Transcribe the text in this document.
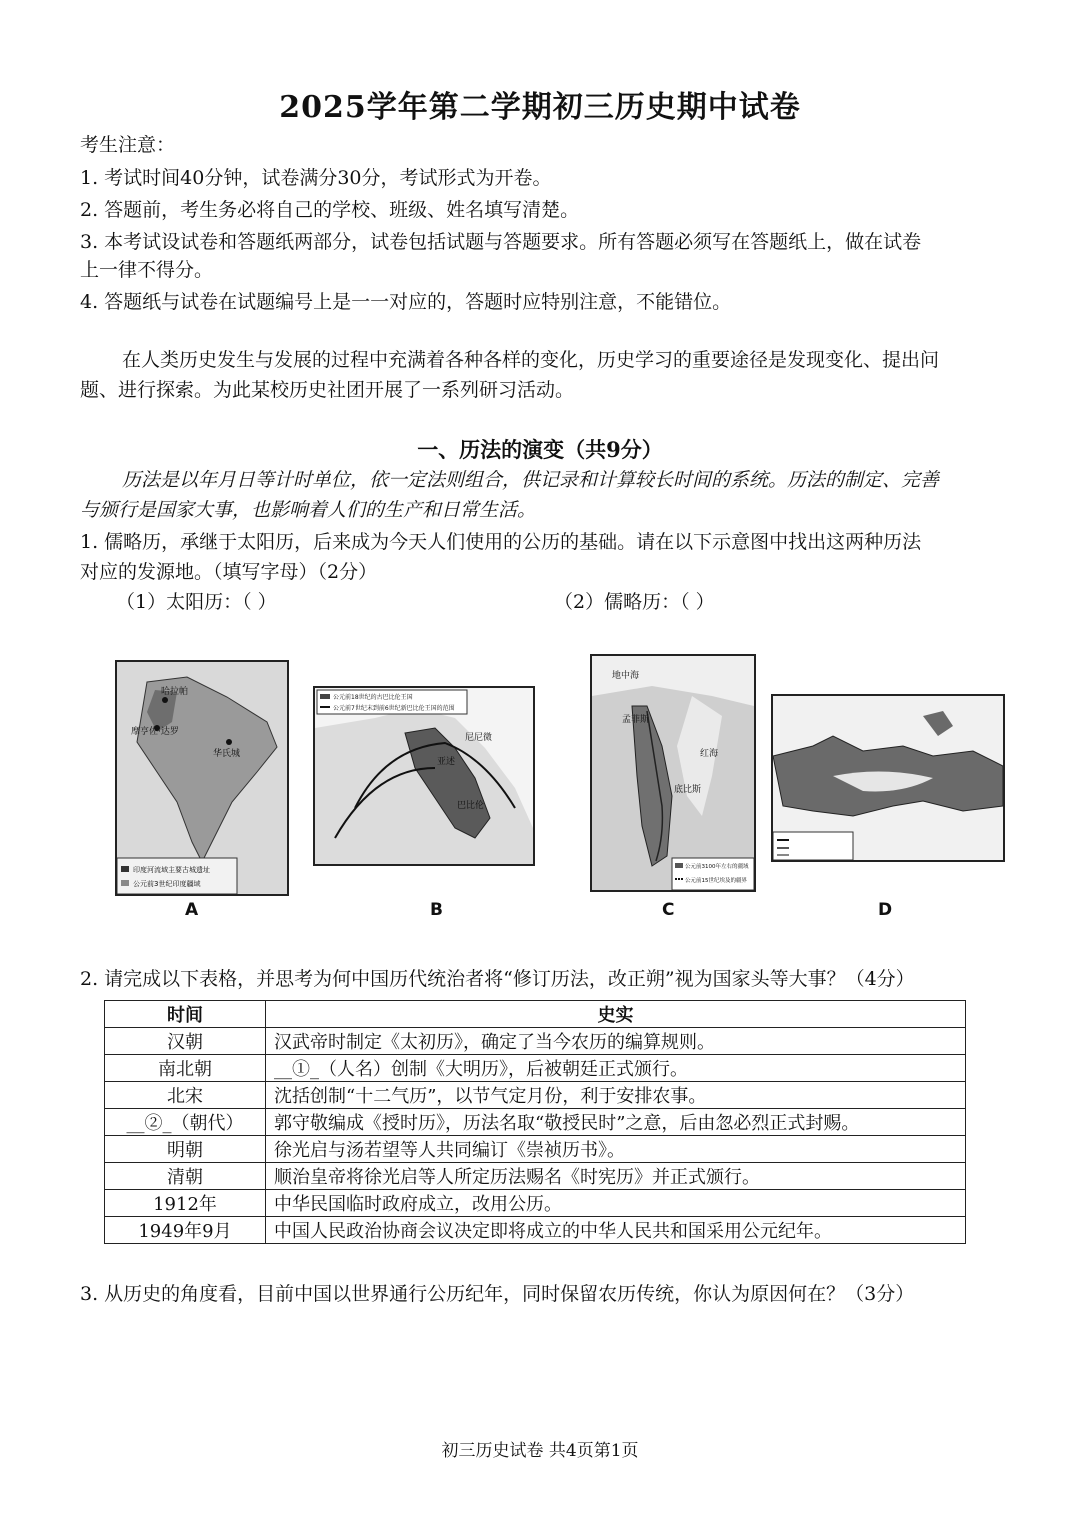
2025学年第二学期初三历史期中试卷
考生注意：
1. 考试时间40分钟，试卷满分30分，考试形式为开卷。
2. 答题前，考生务必将自己的学校、班级、姓名填写清楚。
3. 本考试设试卷和答题纸两部分，试卷包括试题与答题要求。所有答题必须写在答题纸上，做在试卷
上一律不得分。
4. 答题纸与试卷在试题编号上是一一对应的，答题时应特别注意，不能错位。
在人类历史发生与发展的过程中充满着各种各样的变化，历史学习的重要途径是发现变化、提出问
题、进行探索。为此某校历史社团开展了一系列研习活动。
一、历法的演变（共9分）
历法是以年月日等计时单位，依一定法则组合，供记录和计算较长时间的系统。历法的制定、完善
与颁行是国家大事，也影响着人们的生产和日常生活。
1. 儒略历，承继于太阳历，后来成为今天人们使用的公历的基础。请在以下示意图中找出这两种历法
对应的发源地。（填写字母）（2分）
（1）太阳历：（ ）	（2）儒略历：（ ）
哈拉帕
摩亨佐·达罗
华氏城
印度河流域主要古城遗址
公元前3世纪印度疆域
A
尼尼微
亚述
巴比伦
公元前18世纪的古巴比伦王国
公元前7世纪末到前6世纪新巴比伦王国的范围
B
地中海
孟菲斯
红海
底比斯
公元前3100年左右的疆域
公元前15世纪埃及的疆界
C	D
2. 请完成以下表格，并思考为何中国历代统治者将“修订历法，改正朔”视为国家头等大事？（4分）
时间	史实
汉朝	汉武帝时制定《太初历》，确定了当今农历的编算规则。
南北朝	__①_（人名）创制《大明历》，后被朝廷正式颁行。
北宋	沈括创制“十二气历”，以节气定月份，利于安排农事。
__②_（朝代）	郭守敬编成《授时历》，历法名取“敬授民时”之意，后由忽必烈正式封赐。
明朝	徐光启与汤若望等人共同编订《崇祯历书》。
清朝	顺治皇帝将徐光启等人所定历法赐名《时宪历》并正式颁行。
1912年	中华民国临时政府成立，改用公历。
1949年9月	中国人民政治协商会议决定即将成立的中华人民共和国采用公元纪年。
3. 从历史的角度看，目前中国以世界通行公历纪年，同时保留农历传统，你认为原因何在？（3分）
初三历史试卷 共4页第1页
